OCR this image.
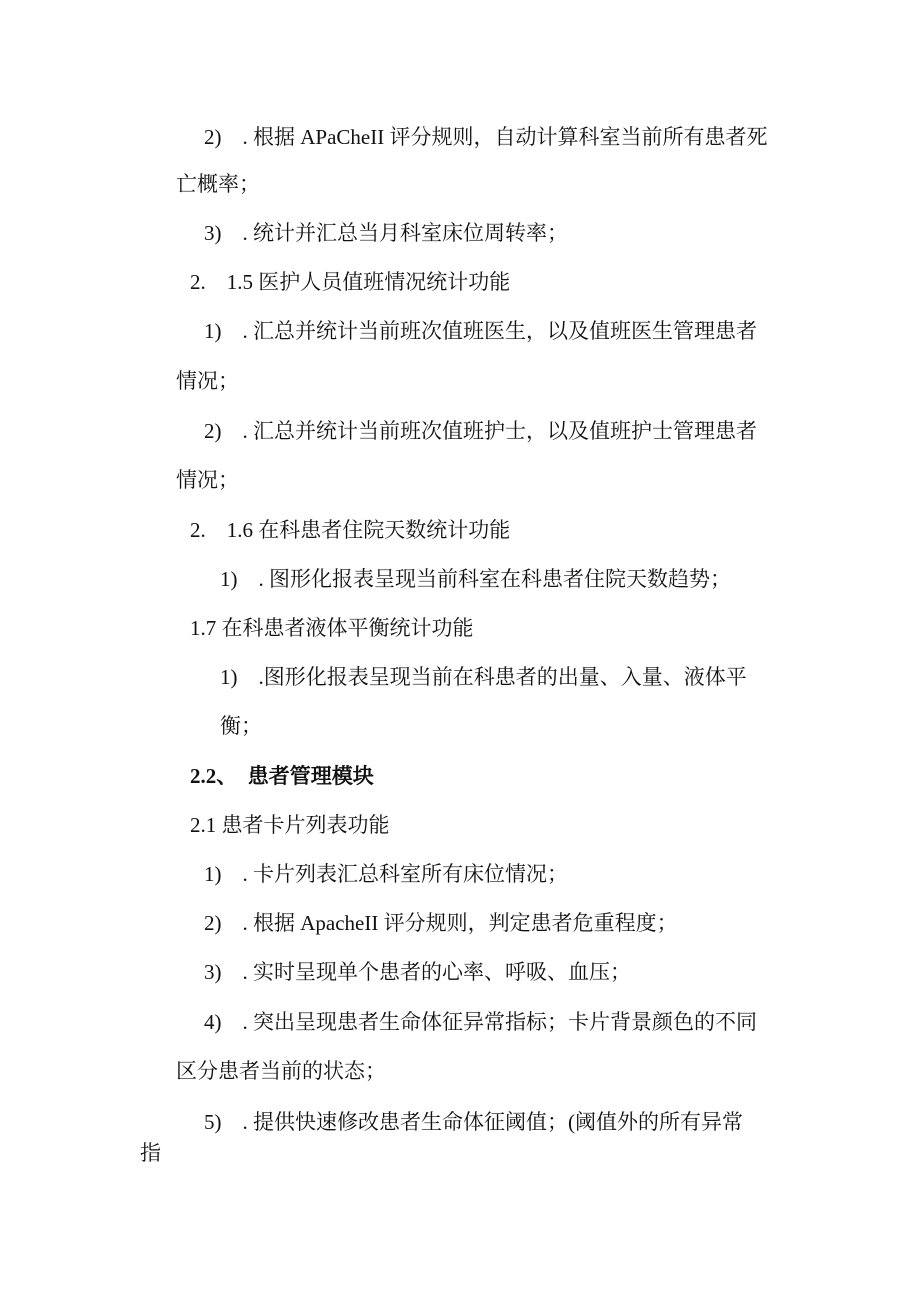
2)　. 根据 APaCheII 评分规则，自动计算科室当前所有患者死
亡概率；
3)　. 统计并汇总当月科室床位周转率；
2.　1.5 医护人员值班情况统计功能
1)　. 汇总并统计当前班次值班医生，以及值班医生管理患者
情况；
2)　. 汇总并统计当前班次值班护士，以及值班护士管理患者
情况；
2.　1.6 在科患者住院天数统计功能
1)　. 图形化报表呈现当前科室在科患者住院天数趋势；
1.7 在科患者液体平衡统计功能
1)　.图形化报表呈现当前在科患者的出量、入量、液体平
衡；
2.2、　患者管理模块
2.1 患者卡片列表功能
1)　. 卡片列表汇总科室所有床位情况；
2)　. 根据 ApacheII 评分规则，判定患者危重程度；
3)　. 实时呈现单个患者的心率、呼吸、血压；
4)　. 突出呈现患者生命体征异常指标；卡片背景颜色的不同
区分患者当前的状态；
5)　. 提供快速修改患者生命体征阈值；(阈值外的所有异常
指
